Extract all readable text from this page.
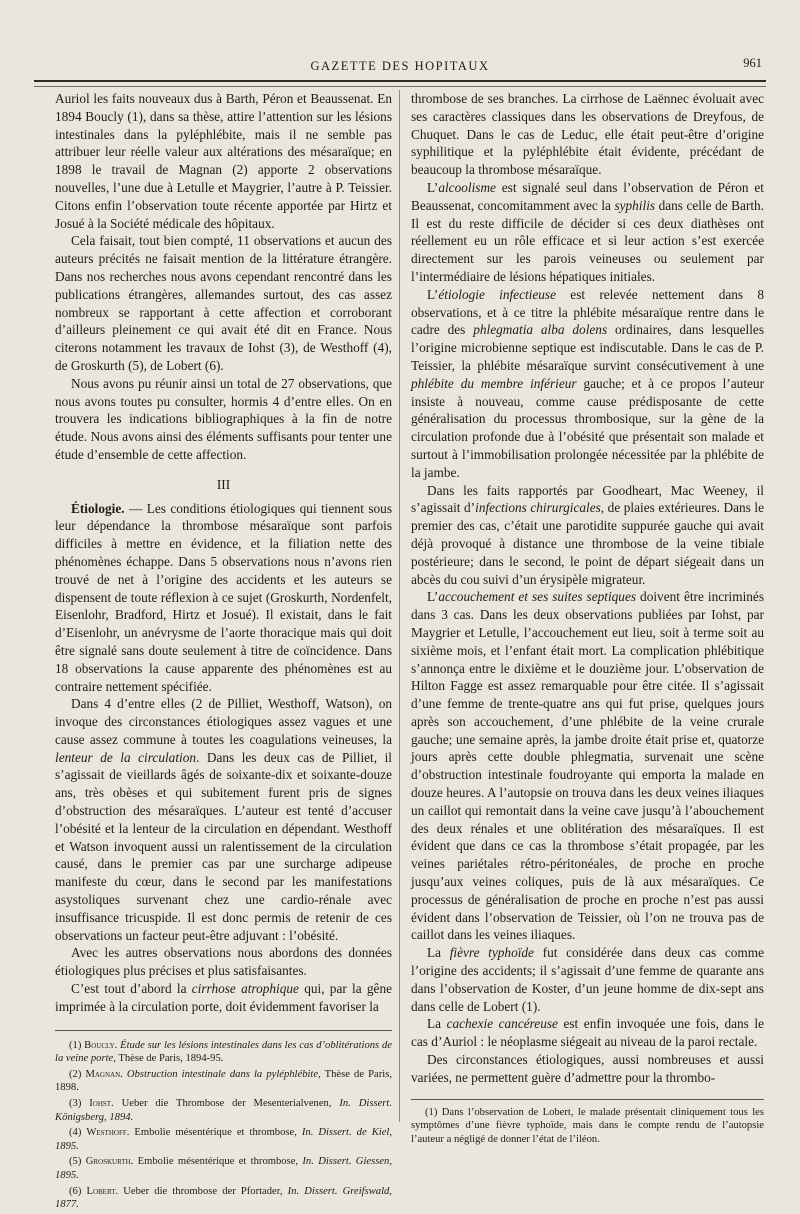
GAZETTE DES HOPITAUX	961

Auriol les faits nouveaux dus à Barth, Péron et Beaussenat. En 1894 Boucly (1), dans sa thèse, attire l’attention sur les lésions intestinales dans la pyléphlébite, mais il ne semble pas attribuer leur réelle valeur aux altérations des mésaraïque; en 1898 le travail de Magnan (2) apporte 2 observations nouvelles, l’une due à Letulle et Maygrier, l’autre à P. Teissier. Citons enfin l’observation toute récente apportée par Hirtz et Josué à la Société médicale des hôpitaux.

Cela faisait, tout bien compté, 11 observations et aucun des auteurs précités ne faisait mention de la littérature étrangère. Dans nos recherches nous avons cependant rencontré dans les publications étrangères, allemandes surtout, des cas assez nombreux se rapportant à cette affection et corroborant d’ailleurs pleinement ce qui avait été dit en France. Nous citerons notamment les travaux de Iohst (3), de Westhoff (4), de Groskurth (5), de Lobert (6).

Nous avons pu réunir ainsi un total de 27 observations, que nous avons toutes pu consulter, hormis 4 d’entre elles. On en trouvera les indications bibliographiques à la fin de notre étude. Nous avons ainsi des éléments suffisants pour tenter une étude d’ensemble de cette affection.

III

Étiologie. — Les conditions étiologiques qui tiennent sous leur dépendance la thrombose mésaraïque sont parfois difficiles à mettre en évidence, et la filiation nette des phénomènes échappe. Dans 5 observations nous n’avons rien trouvé de net à l’origine des accidents et les auteurs se dispensent de toute réflexion à ce sujet (Groskurth, Nordenfelt, Eisenlohr, Bradford, Hirtz et Josué). Il existait, dans le fait d’Eisenlohr, un anévrysme de l’aorte thoracique mais qui doit être signalé sans doute seulement à titre de coïncidence. Dans 18 observations la cause apparente des phénomènes est au contraire nettement spécifiée.

Dans 4 d’entre elles (2 de Pilliet, Westhoff, Watson), on invoque des circonstances étiologiques assez vagues et une cause assez commune à toutes les coagulations veineuses, la lenteur de la circulation. Dans les deux cas de Pilliet, il s’agissait de vieillards âgés de soixante-dix et soixante-douze ans, très obèses et qui subitement furent pris de signes d’obstruction des mésaraïques. L’auteur est tenté d’accuser l’obésité et la lenteur de la circulation en dépendant. Westhoff et Watson invoquent aussi un ralentissement de la circulation causé, dans le premier cas par une surcharge adipeuse manifeste du cœur, dans le second par les manifestations asystoliques survenant chez une cardio-rénale avec insuffisance tricuspide. Il est donc permis de retenir de ces observations un facteur peut-être adjuvant : l’obésité.

Avec les autres observations nous abordons des données étiologiques plus précises et plus satisfaisantes.

C’est tout d’abord la cirrhose atrophique qui, par la gêne imprimée à la circulation porte, doit évidemment favoriser la

(1) Boucly. Étude sur les lésions intestinales dans les cas d’oblitérations de la veine porte, Thèse de Paris, 1894-95.
(2) Magnan. Obstruction intestinale dans la pyléphlébite, Thèse de Paris, 1898.
(3) Iohst. Ueber die Thrombose der Mesenterialvenen, In. Dissert. Königsberg, 1894.
(4) Westhoff. Embolie mésentérique et thrombose, In. Dissert. de Kiel, 1895.
(5) Groskurth. Embolie mésentérique et thrombose, In. Dissert. Giessen, 1895.
(6) Lobert. Ueber die thrombose der Pfortader, In. Dissert. Greifswald, 1877.

thrombose de ses branches. La cirrhose de Laënnec évoluait avec ses caractères classiques dans les observations de Dreyfous, de Chuquet. Dans le cas de Leduc, elle était peut-être d’origine syphilitique et la pyléphlébite était évidente, précédant de beaucoup la thrombose mésaraïque.

L’alcoolisme est signalé seul dans l’observation de Péron et Beaussenat, concomitamment avec la syphilis dans celle de Barth. Il est du reste difficile de décider si ces deux diathèses ont réellement eu un rôle efficace et si leur action s’est exercée directement sur les parois veineuses ou seulement par l’intermédiaire de lésions hépatiques initiales.

L’étiologie infectieuse est relevée nettement dans 8 observations, et à ce titre la phlébite mésaraïque rentre dans le cadre des phlegmatia alba dolens ordinaires, dans lesquelles l’origine microbienne septique est indiscutable. Dans le cas de P. Teissier, la phlébite mésaraïque survint consécutivement à une phlébite du membre inférieur gauche; et à ce propos l’auteur insiste à nouveau, comme cause prédisposante de cette généralisation du processus thrombosique, sur la gène de la circulation profonde due à l’obésité que présentait son malade et surtout à l’immobilisation prolongée nécessitée par la phlébite de la jambe.

Dans les faits rapportés par Goodheart, Mac Weeney, il s’agissait d’infections chirurgicales, de plaies extérieures. Dans le premier des cas, c’était une parotidite suppurée gauche qui avait déjà provoqué à distance une thrombose de la veine tibiale postérieure; dans le second, le point de départ siégeait dans un abcès du cou suivi d’un érysipèle migrateur.

L’accouchement et ses suites septiques doivent être incriminés dans 3 cas. Dans les deux observations publiées par Iohst, par Maygrier et Letulle, l’accouchement eut lieu, soit à terme soit au sixième mois, et l’enfant était mort. La complication phlébitique s’annonça entre le dixième et le douzième jour. L’observation de Hilton Fagge est assez remarquable pour être citée. Il s’agissait d’une femme de trente-quatre ans qui fut prise, quelques jours après son accouchement, d’une phlébite de la veine crurale gauche; une semaine après, la jambe droite était prise et, quatorze jours après cette double phlegmatia, survenait une scène d’obstruction intestinale foudroyante qui emporta la malade en douze heures. A l’autopsie on trouva dans les deux veines iliaques un caillot qui remontait dans la veine cave jusqu’à l’abouchement des deux rénales et une oblitération des mésaraïques. Il est évident que dans ce cas la thrombose s’était propagée, par les veines pariétales rétro-péritonéales, de proche en proche jusqu’aux veines coliques, puis de là aux mésaraïques. Ce processus de généralisation de proche en proche n’est pas aussi évident dans l’observation de Teissier, où l’on ne trouva pas de caillot dans les veines iliaques.

La fièvre typhoïde fut considérée dans deux cas comme l’origine des accidents; il s’agissait d’une femme de quarante ans dans l’observation de Koster, d’un jeune homme de dix-sept ans dans celle de Lobert (1).

La cachexie cancéreuse est enfin invoquée une fois, dans le cas d’Auriol : le néoplasme siégeait au niveau de la paroi rectale.

Des circonstances étiologiques, aussi nombreuses et aussi variées, ne permettent guère d’admettre pour la thrombo-

(1) Dans l’observation de Lobert, le malade présentait cliniquement tous les symptômes d’une fièvre typhoïde, mais dans le compte rendu de l’autopsie l’auteur a négligé de donner l’état de l’iléon.
